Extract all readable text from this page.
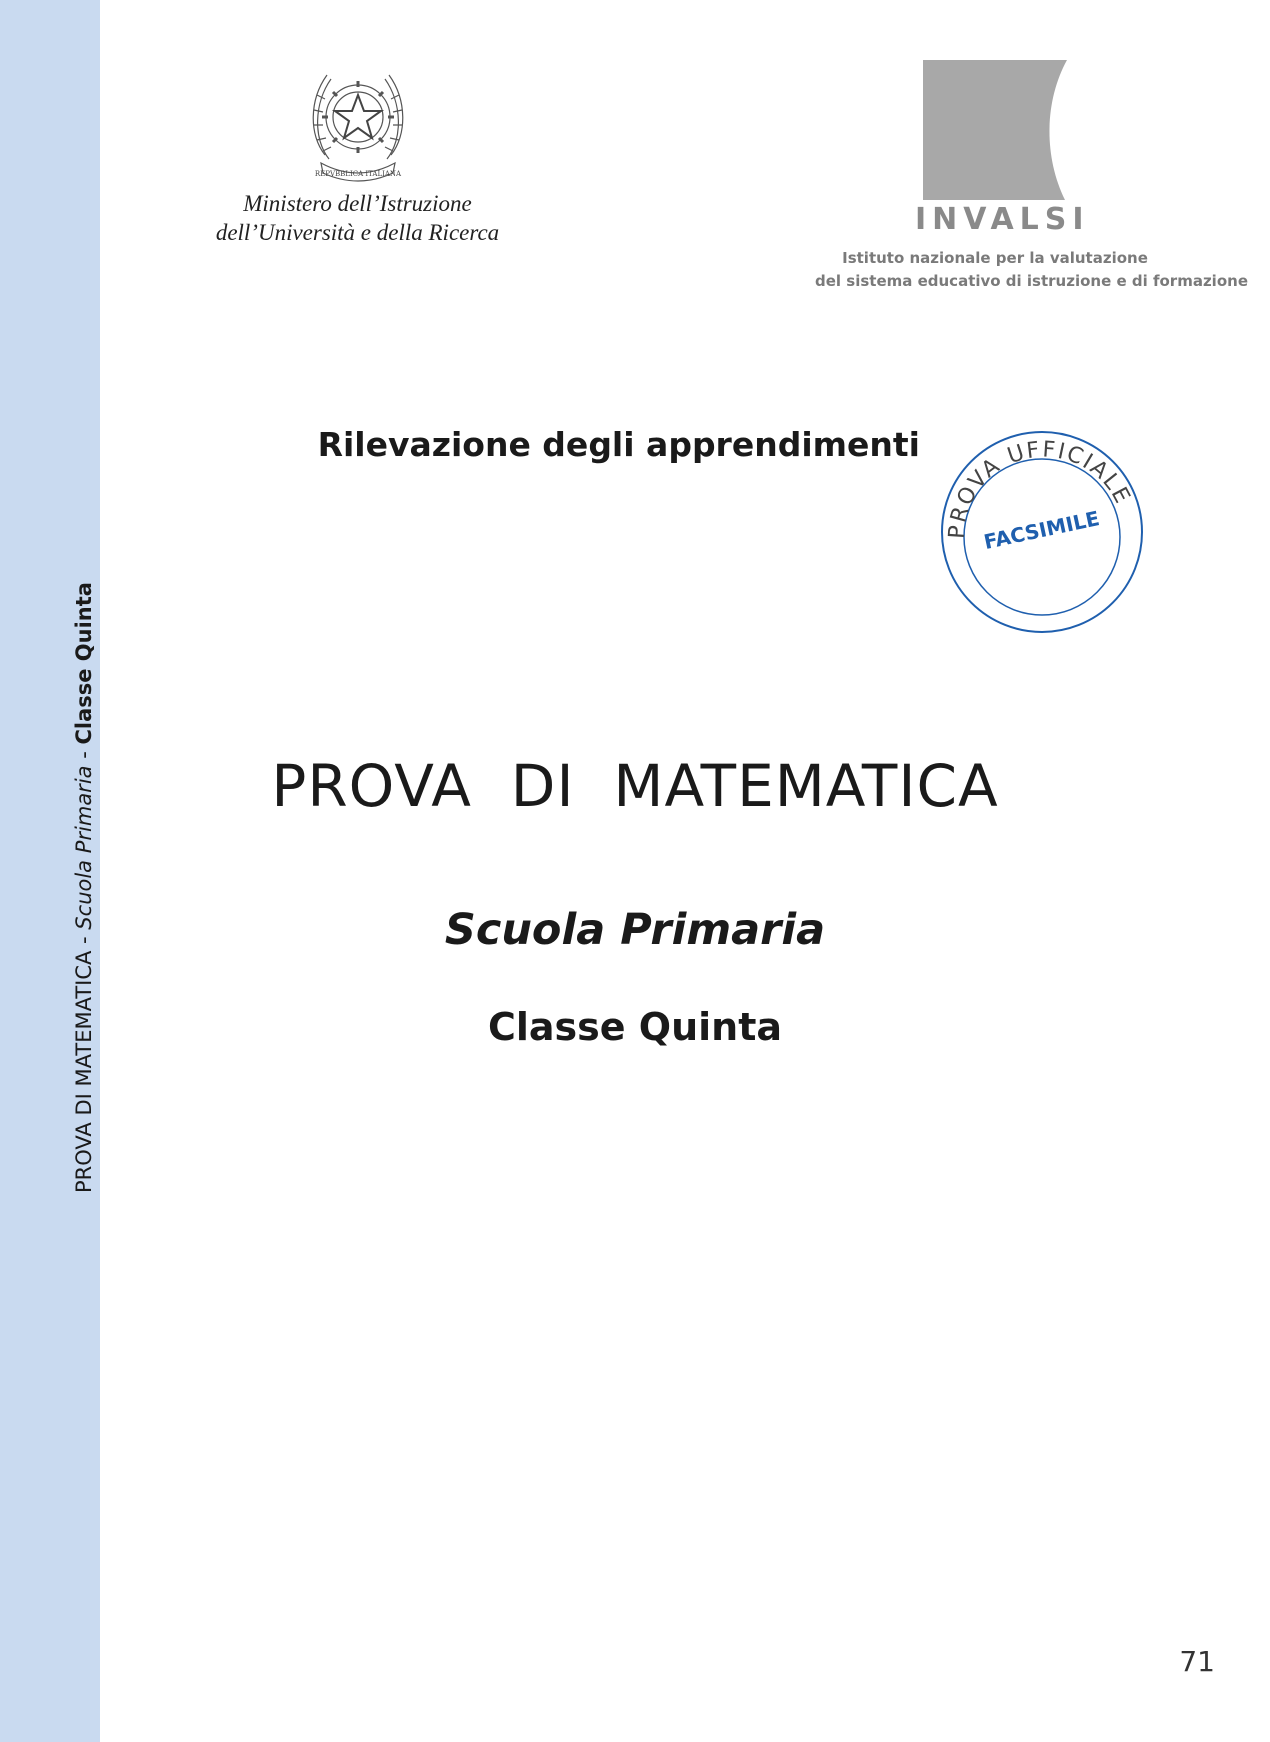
PROVA DI MATEMATICA - Scuola Primaria - Classe Quinta
REPVBBLICA ITALIANA
Ministero dell’Istruzione
dell’Università e della Ricerca	INVALSI
Istituto nazionale per la valutazione
del sistema educativo di istruzione e di formazione
Rilevazione degli apprendimenti
PROVA UFFICIALE
FACSIMILE
PROVA  DI  MATEMATICA
Scuola Primaria
Classe Quinta
71
